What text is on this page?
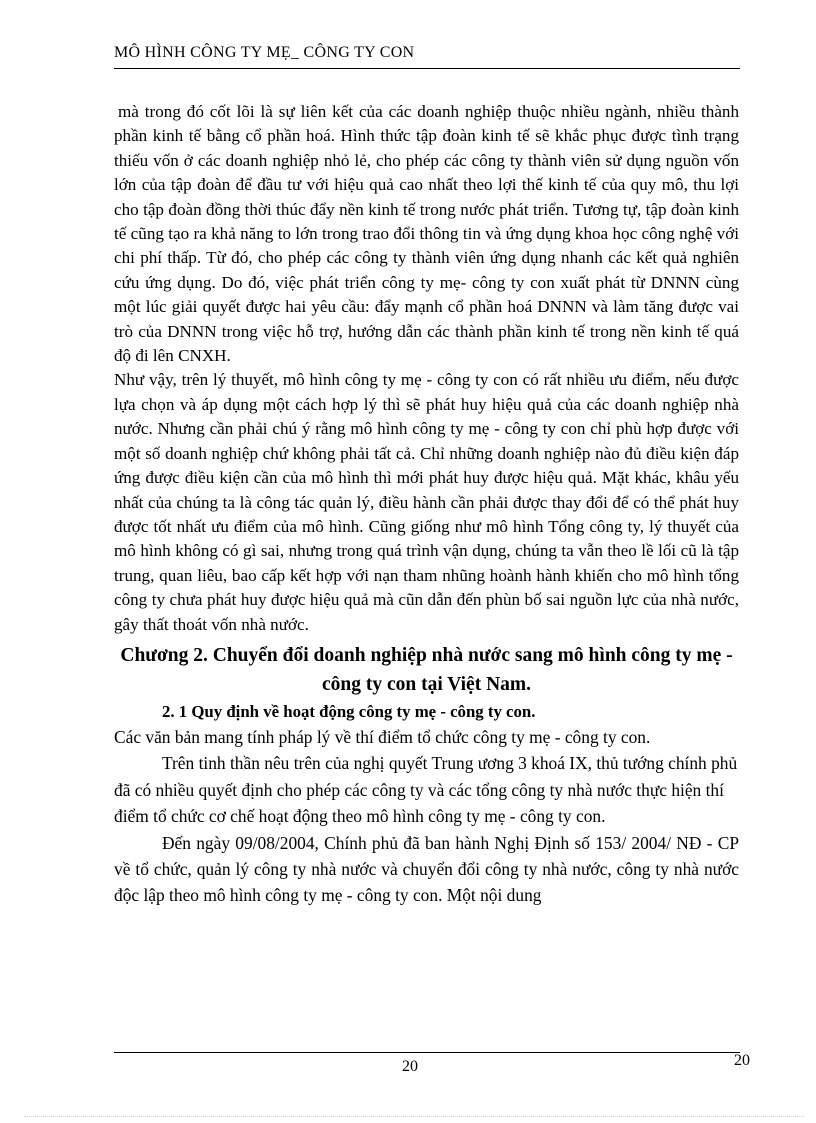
MÔ HÌNH CÔNG TY MẸ_ CÔNG TY CON

mà trong đó cốt lõi là sự liên kết của các doanh nghiệp thuộc nhiều ngành, nhiều thành phần kinh tế bằng cổ phần hoá. Hình thức tập đoàn kinh tế sẽ khắc phục được tình trạng thiếu vốn ở các doanh nghiệp nhỏ lẻ, cho phép các công ty thành viên sử dụng nguồn vốn lớn của tập đoàn để đầu tư với hiệu quả cao nhất theo lợi thế kinh tế của quy mô, thu lợi cho tập đoàn đồng thời thúc đẩy nền kinh tế trong nước phát triển. Tương tự, tập đoàn kinh tế cũng tạo ra khả năng to lớn trong trao đổi thông tin và ứng dụng khoa học công nghệ với chi phí thấp. Từ đó, cho phép các công ty thành viên ứng dụng nhanh các kết quả nghiên cứu ứng dụng. Do đó, việc phát triển công ty mẹ- công ty con xuất phát từ DNNN cùng một lúc giải quyết được hai yêu cầu: đẩy mạnh cổ phần hoá DNNN và làm tăng được vai trò của DNNN trong việc hỗ trợ, hướng dẫn các thành phần kinh tế trong nền kinh tế quá độ đi lên CNXH.

Như vậy, trên lý thuyết, mô hình công ty mẹ - công ty con có rất nhiều ưu điểm, nếu được lựa chọn và áp dụng một cách hợp lý thì sẽ phát huy hiệu quả của các doanh nghiệp nhà nước. Nhưng cần phải chú ý rằng mô hình công ty mẹ - công ty con chỉ phù hợp được với một số doanh nghiệp chứ không phải tất cả. Chỉ những doanh nghiệp nào đủ điều kiện đáp ứng được điều kiện cần của mô hình thì mới phát huy được hiệu quả. Mặt khác, khâu yếu nhất của chúng ta là công tác quản lý, điều hành cần phải được thay đổi để có thể phát huy được tốt nhất ưu điểm của mô hình. Cũng giống như mô hình Tổng công ty, lý thuyết của mô hình không có gì sai, nhưng trong quá trình vận dụng, chúng ta vẫn theo lề lối cũ là tập trung, quan liêu, bao cấp kết hợp với nạn tham nhũng hoành hành khiến cho mô hình tổng công ty chưa phát huy được hiệu quả mà cũn dẫn đến phùn bố sai nguồn lực của nhà nước, gây thất thoát vốn nhà nước.

Chương 2. Chuyển đổi doanh nghiệp nhà nước sang mô hình công ty mẹ - công ty con tại Việt Nam.
2. 1 Quy định về hoạt động công ty mẹ - công ty con.

Các văn bản mang tính pháp lý về thí điểm tổ chức công ty mẹ - công ty con.

Trên tinh thần nêu trên của nghị quyết Trung ương 3 khoá IX, thủ tướng chính phủ đã có nhiều quyết định cho phép các công ty và các tổng công ty nhà nước thực hiện thí điểm tổ chức cơ chế hoạt động theo mô hình công ty mẹ - công ty con.

Đến ngày 09/08/2004, Chính phủ đã ban hành Nghị Định số 153/ 2004/ NĐ - CP về tổ chức, quản lý công ty nhà nước và chuyển đổi công ty nhà nước, công ty nhà nước độc lập theo mô hình công ty mẹ - công ty con. Một nội dung

20	20
